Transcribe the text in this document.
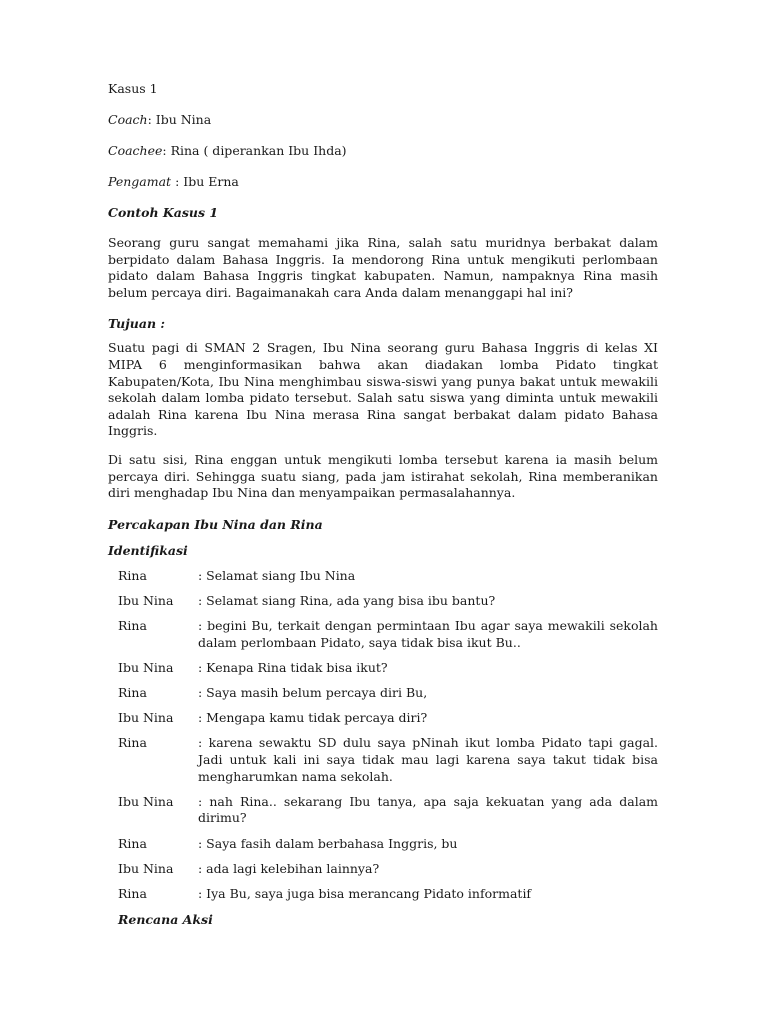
Kasus 1

Coach: Ibu Nina

Coachee: Rina ( diperankan Ibu Ihda)

Pengamat : Ibu Erna

Contoh Kasus 1

Seorang guru sangat memahami jika Rina, salah satu muridnya berbakat dalam berpidato dalam Bahasa Inggris. Ia mendorong Rina untuk mengikuti perlombaan pidato dalam Bahasa Inggris tingkat kabupaten. Namun, nampaknya Rina masih belum percaya diri. Bagaimanakah cara Anda dalam menanggapi hal ini?

Tujuan :

Suatu pagi di SMAN 2 Sragen, Ibu Nina seorang guru Bahasa Inggris di kelas XI MIPA 6 menginformasikan bahwa akan diadakan lomba Pidato tingkat Kabupaten/Kota, Ibu Nina menghimbau siswa-siswi yang punya bakat untuk mewakili sekolah dalam lomba pidato tersebut. Salah satu siswa yang diminta untuk mewakili adalah Rina karena Ibu Nina merasa Rina sangat berbakat dalam pidato Bahasa Inggris.

Di satu sisi, Rina enggan untuk mengikuti lomba tersebut karena ia masih belum percaya diri. Sehingga suatu siang, pada jam istirahat sekolah, Rina memberanikan diri menghadap Ibu Nina dan menyampaikan permasalahannya.

Percakapan Ibu Nina dan Rina

Identifikasi

Rina	: Selamat siang Ibu Nina
Ibu Nina	: Selamat siang Rina, ada yang bisa ibu bantu?
Rina	: begini Bu, terkait dengan permintaan Ibu agar saya mewakili sekolah dalam perlombaan Pidato, saya tidak bisa ikut Bu..
Ibu Nina	: Kenapa Rina tidak bisa ikut?
Rina	: Saya masih belum percaya diri Bu,
Ibu Nina	: Mengapa kamu tidak percaya diri?
Rina	: karena sewaktu SD dulu saya pNinah ikut lomba Pidato tapi gagal. Jadi untuk kali ini saya tidak mau lagi karena saya takut tidak bisa mengharumkan nama sekolah.
Ibu Nina	: nah Rina.. sekarang Ibu tanya, apa saja kekuatan yang ada dalam dirimu?
Rina	: Saya fasih dalam berbahasa Inggris, bu
Ibu Nina	: ada lagi kelebihan lainnya?
Rina	: Iya Bu, saya juga bisa merancang Pidato informatif

Rencana Aksi
